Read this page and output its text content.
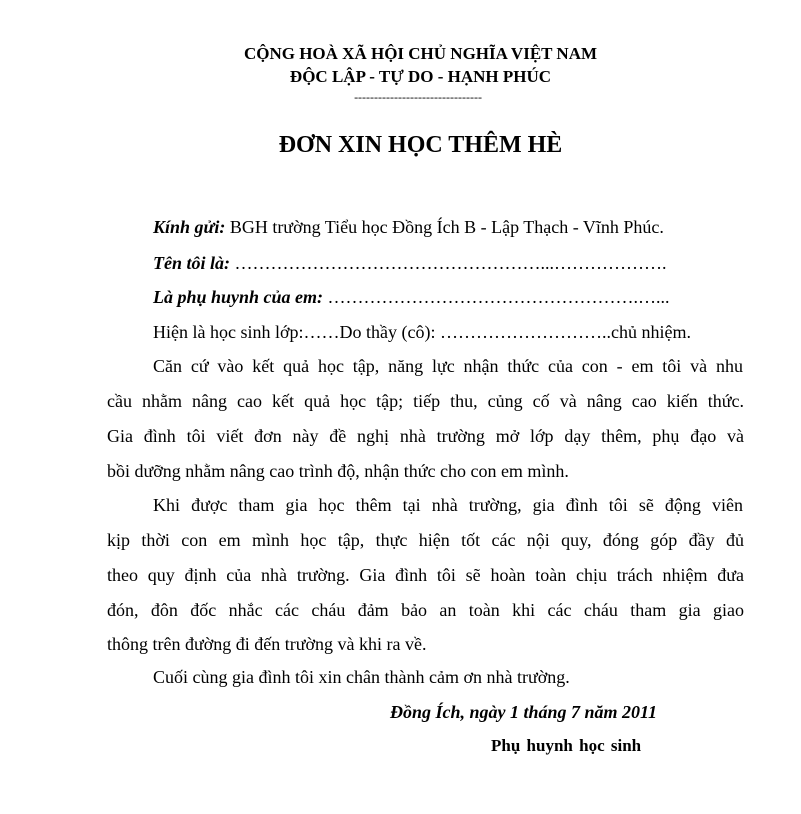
CỘNG HOÀ XÃ HỘI CHỦ NGHĨA VIỆT NAM
ĐỘC LẬP - TỰ DO - HẠNH PHÚC
--------------------------------
ĐƠN XIN HỌC THÊM HÈ
Kính gửi: BGH trường Tiểu học Đồng Ích B - Lập Thạch - Vĩnh Phúc.
Tên tôi là: ……………………………………………...……………….
Là phụ huynh của em: …………………………………………….…...
Hiện là học sinh lớp:……Do thầy (cô): ………………………..chủ nhiệm.
Căn cứ vào kết quả học tập, năng lực nhận thức của con - em tôi và nhu
cầu nhằm nâng cao kết quả học tập; tiếp thu, củng cố và nâng cao kiến thức.
Gia đình tôi viết đơn này đề nghị nhà trường mở lớp dạy thêm, phụ đạo và
bồi dưỡng nhằm nâng cao trình độ, nhận thức cho con em mình.
Khi được tham gia học thêm tại nhà trường, gia đình tôi sẽ động viên
kịp thời con em mình học tập, thực hiện tốt các nội quy, đóng góp đầy đủ
theo quy định của nhà trường. Gia đình tôi sẽ hoàn toàn chịu trách nhiệm đưa
đón, đôn đốc nhắc các cháu đảm bảo an toàn khi các cháu tham gia giao
thông trên đường đi đến trường và khi ra về.
Cuối cùng gia đình tôi xin chân thành cảm ơn nhà trường.
Đồng Ích, ngày 1 tháng 7 năm 2011
Phụ huynh học sinh
